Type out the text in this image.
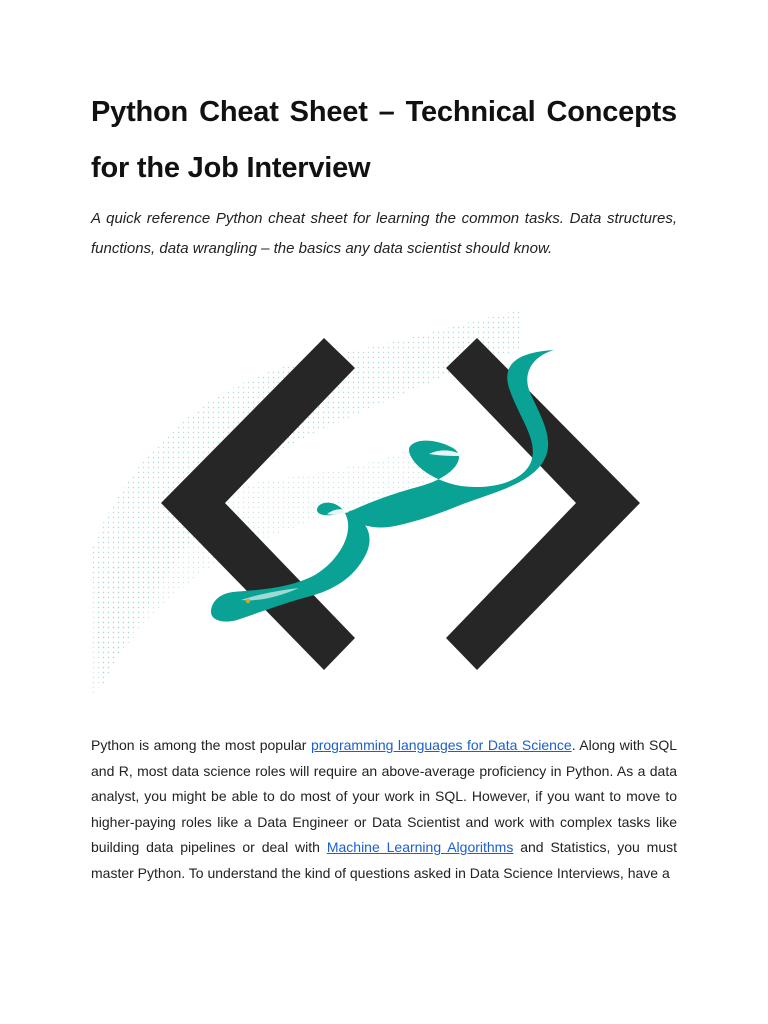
Python Cheat Sheet – Technical Concepts for the Job Interview

A quick reference Python cheat sheet for learning the common tasks. Data structures, functions, data wrangling – the basics any data scientist should know.

Python is among the most popular programming languages for Data Science. Along with SQL and R, most data science roles will require an above-average proficiency in Python. As a data analyst, you might be able to do most of your work in SQL. However, if you want to move to higher-paying roles like a Data Engineer or Data Scientist and work with complex tasks like building data pipelines or deal with Machine Learning Algorithms and Statistics, you must master Python. To understand the kind of questions asked in Data Science Interviews, have a
